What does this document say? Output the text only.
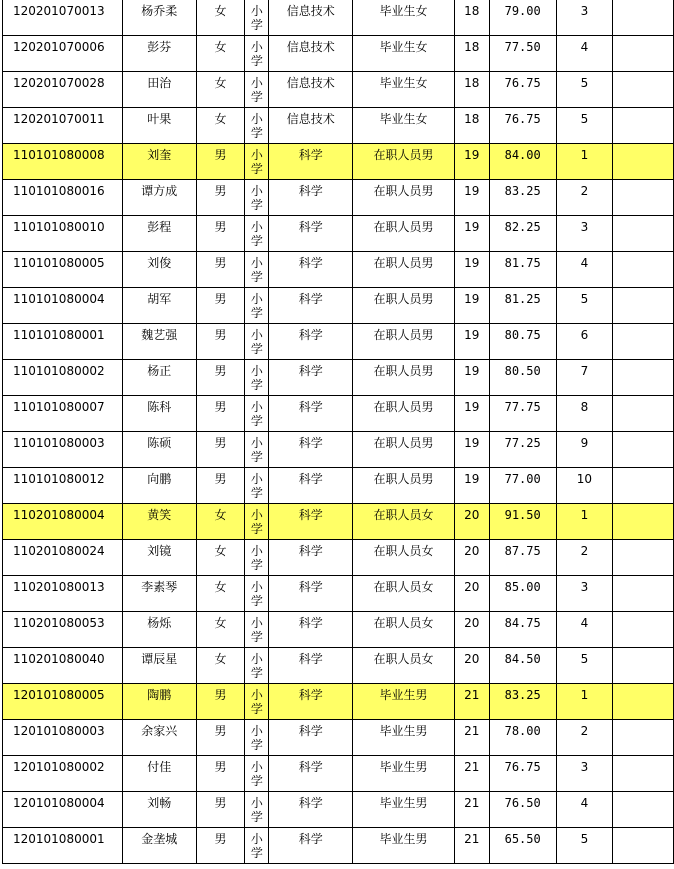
120201070013	杨乔柔	女	小学	信息技术	毕业生女	18	79.00	3	

120201070006	彭芬	女	小学	信息技术	毕业生女	18	77.50	4	

120201070028	田治	女	小学	信息技术	毕业生女	18	76.75	5	

120201070011	叶果	女	小学	信息技术	毕业生女	18	76.75	5	

110101080008	刘奎	男	小学	科学	在职人员男	19	84.00	1	

110101080016	谭方成	男	小学	科学	在职人员男	19	83.25	2	

110101080010	彭程	男	小学	科学	在职人员男	19	82.25	3	

110101080005	刘俊	男	小学	科学	在职人员男	19	81.75	4	

110101080004	胡军	男	小学	科学	在职人员男	19	81.25	5	

110101080001	魏艺强	男	小学	科学	在职人员男	19	80.75	6	

110101080002	杨正	男	小学	科学	在职人员男	19	80.50	7	

110101080007	陈科	男	小学	科学	在职人员男	19	77.75	8	

110101080003	陈硕	男	小学	科学	在职人员男	19	77.25	9	

110101080012	向鹏	男	小学	科学	在职人员男	19	77.00	10	

110201080004	黄笑	女	小学	科学	在职人员女	20	91.50	1	

110201080024	刘镜	女	小学	科学	在职人员女	20	87.75	2	

110201080013	李素琴	女	小学	科学	在职人员女	20	85.00	3	

110201080053	杨烁	女	小学	科学	在职人员女	20	84.75	4	

110201080040	谭辰星	女	小学	科学	在职人员女	20	84.50	5	

120101080005	陶鹏	男	小学	科学	毕业生男	21	83.25	1	

120101080003	余家兴	男	小学	科学	毕业生男	21	78.00	2	

120101080002	付佳	男	小学	科学	毕业生男	21	76.75	3	

120101080004	刘畅	男	小学	科学	毕业生男	21	76.50	4	

120101080001	金垄城	男	小学	科学	毕业生男	21	65.50	5	
